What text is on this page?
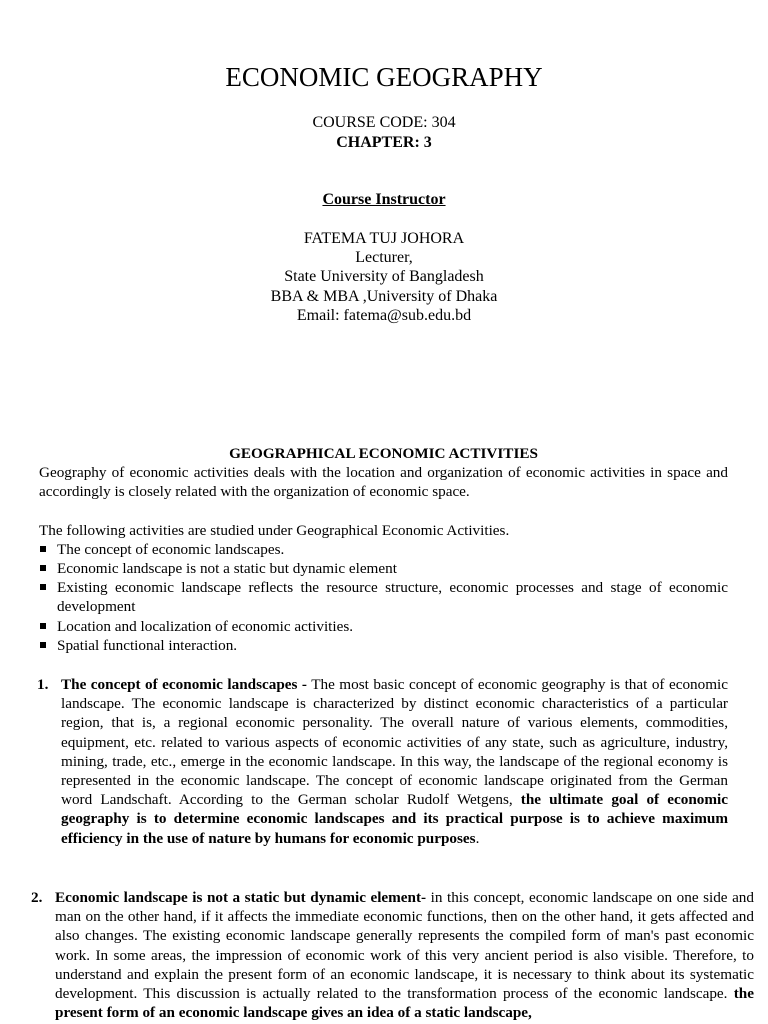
ECONOMIC GEOGRAPHY
COURSE CODE: 304
CHAPTER: 3
Course Instructor
FATEMA TUJ JOHORA
Lecturer,
State University of Bangladesh
BBA & MBA ,University of Dhaka
Email: fatema@sub.edu.bd
GEOGRAPHICAL ECONOMIC ACTIVITIES

Geography of economic activities deals with the location and organization of economic activities in space and accordingly is closely related with the organization of economic space.

The following activities are studied under Geographical Economic Activities.

The concept of economic landscapes.
Economic landscape is not a static but dynamic element
Existing economic landscape reflects the resource structure, economic processes and stage of economic development
Location and localization of economic activities.
Spatial functional interaction.
1. The concept of economic landscapes - The most basic concept of economic geography is that of economic landscape. The economic landscape is characterized by distinct economic characteristics of a particular region, that is, a regional economic personality. The overall nature of various elements, commodities, equipment, etc. related to various aspects of economic activities of any state, such as agriculture, industry, mining, trade, etc., emerge in the economic landscape. In this way, the landscape of the regional economy is represented in the economic landscape. The concept of economic landscape originated from the German word Landschaft. According to the German scholar Rudolf Wetgens, the ultimate goal of economic geography is to determine economic landscapes and its practical purpose is to achieve maximum efficiency in the use of nature by humans for economic purposes.
2. Economic landscape is not a static but dynamic element- in this concept, economic landscape on one side and man on the other hand, if it affects the immediate economic functions, then on the other hand, it gets affected and also changes. The existing economic landscape generally represents the compiled form of man's past economic work. In some areas, the impression of economic work of this very ancient period is also visible. Therefore, to understand and explain the present form of an economic landscape, it is necessary to think about its systematic development. This discussion is actually related to the transformation process of the economic landscape. the present form of an economic landscape gives an idea of a static landscape,
